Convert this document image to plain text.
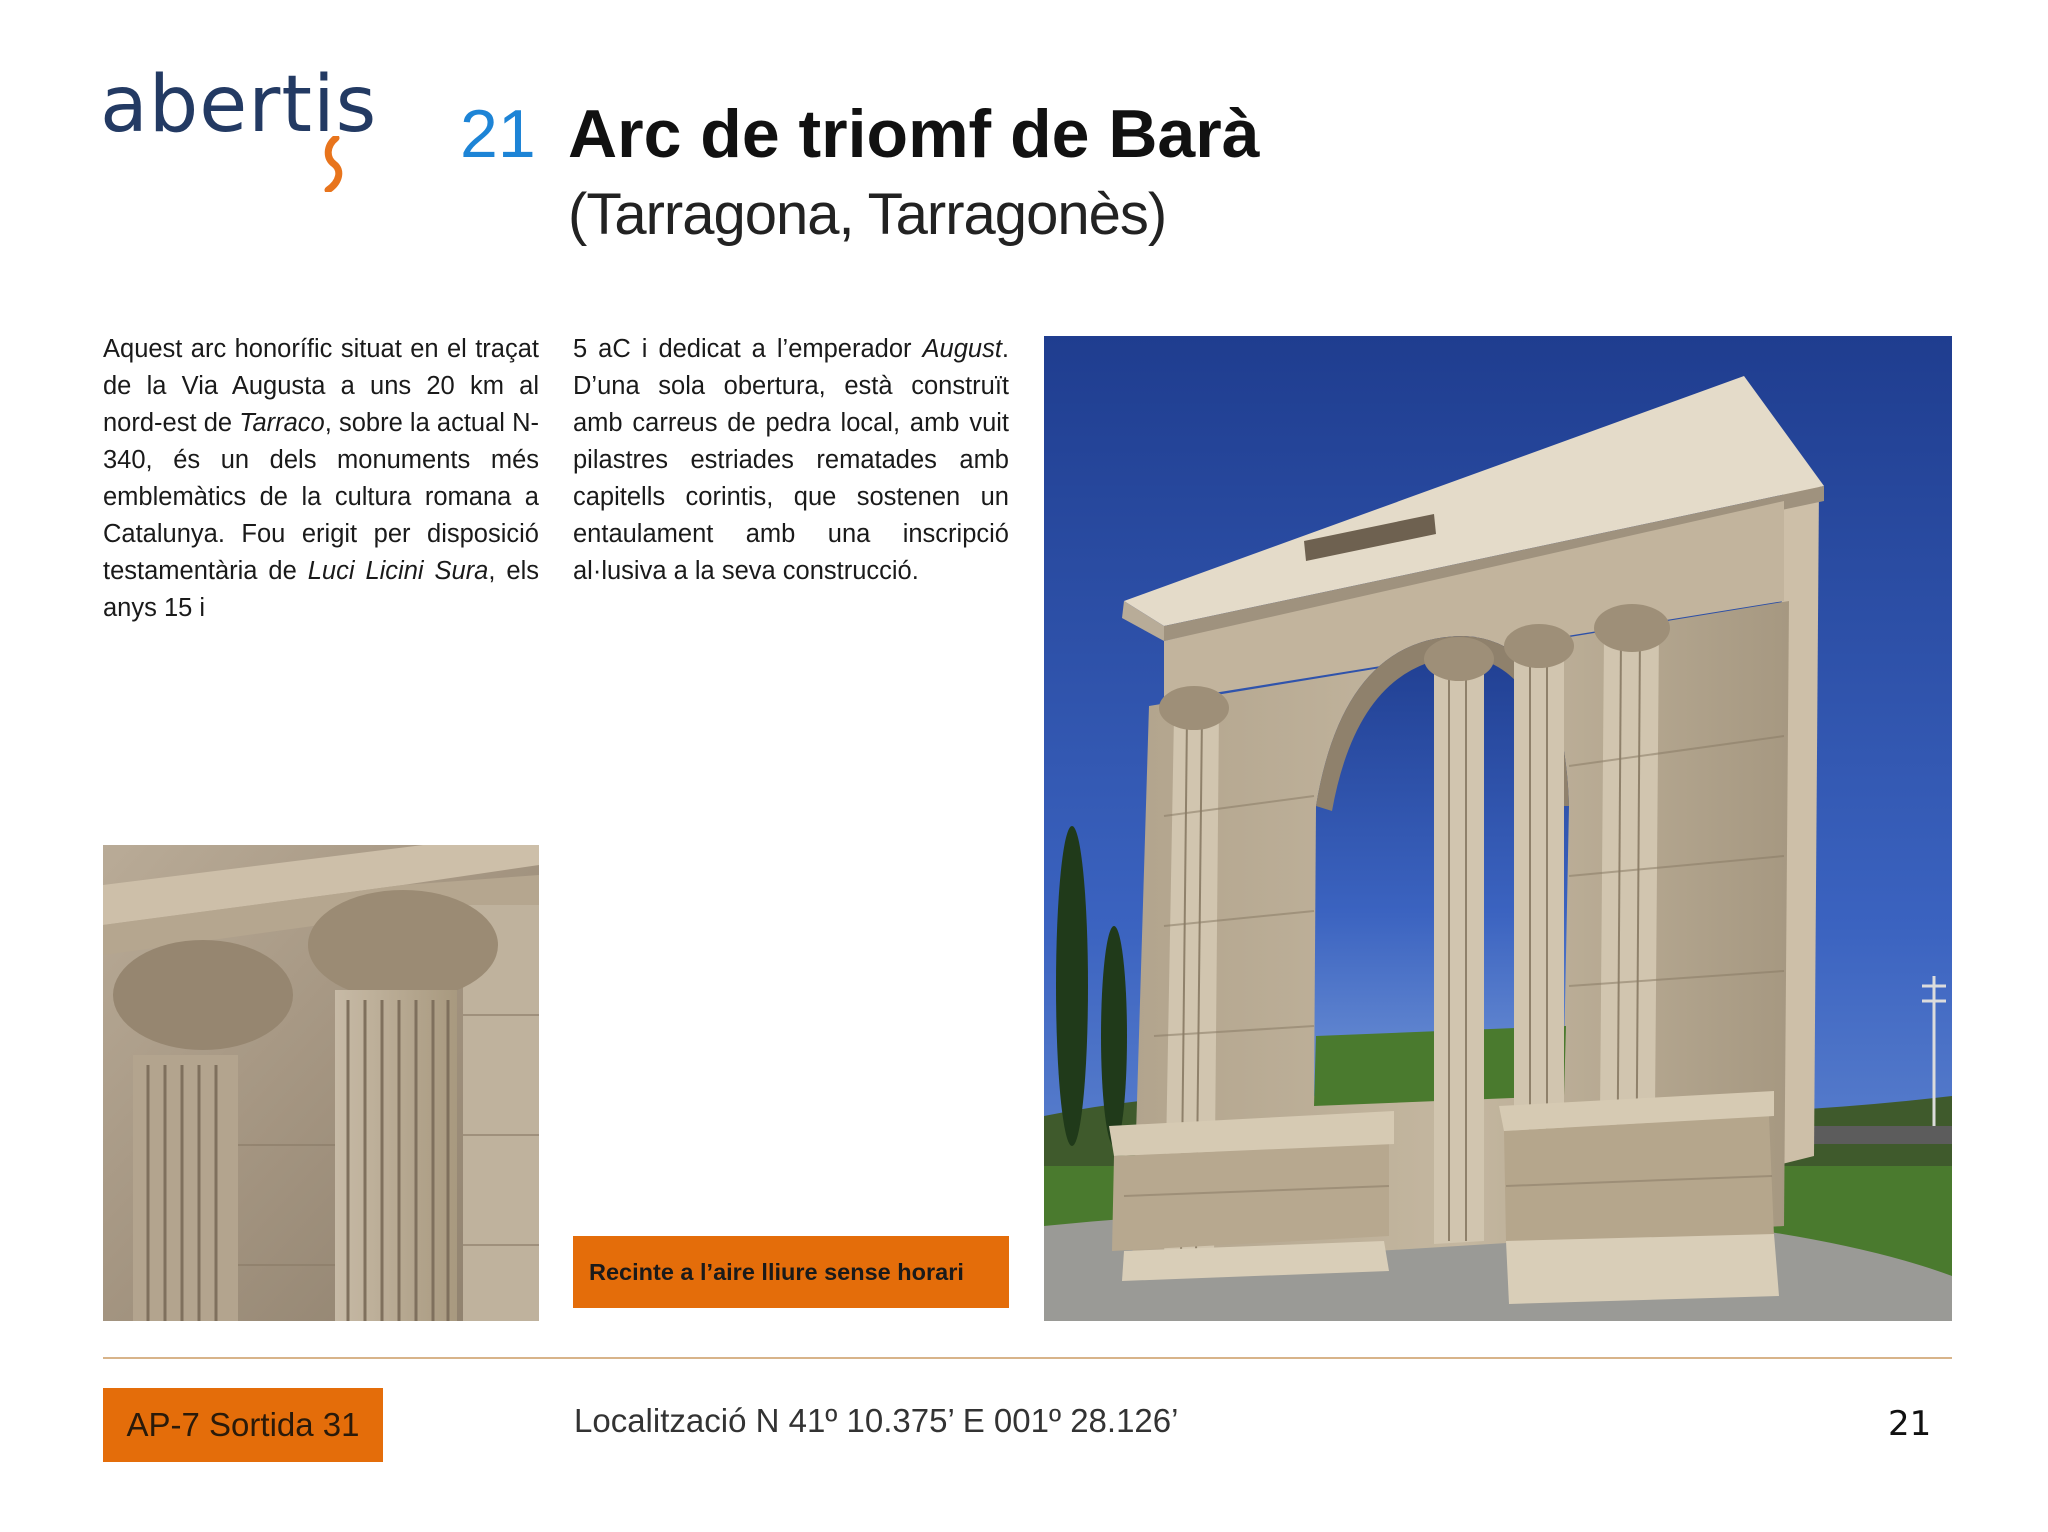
abertis 21 Arc de triomf de Barà
(Tarragona, Tarragonès)
Aquest arc honorífic situat en el traçat de la Via Augusta a uns 20 km al nord-est de Tarraco, sobre la actual N-340, és un dels monuments més emblemàtics de la cultura romana a Catalunya. Fou erigit per disposició testamentària de Luci Licini Sura, els anys 15 i
5 aC i dedicat a l’emperador August. D’una sola obertura, està construït amb carreus de pedra local, amb vuit pilastres estriades rematades amb capitells corintis, que sostenen un entaulament amb una inscripció al·lusiva a la seva construcció.
Recinte a l’aire lliure sense horari
AP-7 Sortida 31	Localització N 41º 10.375’ E 001º 28.126’	21
